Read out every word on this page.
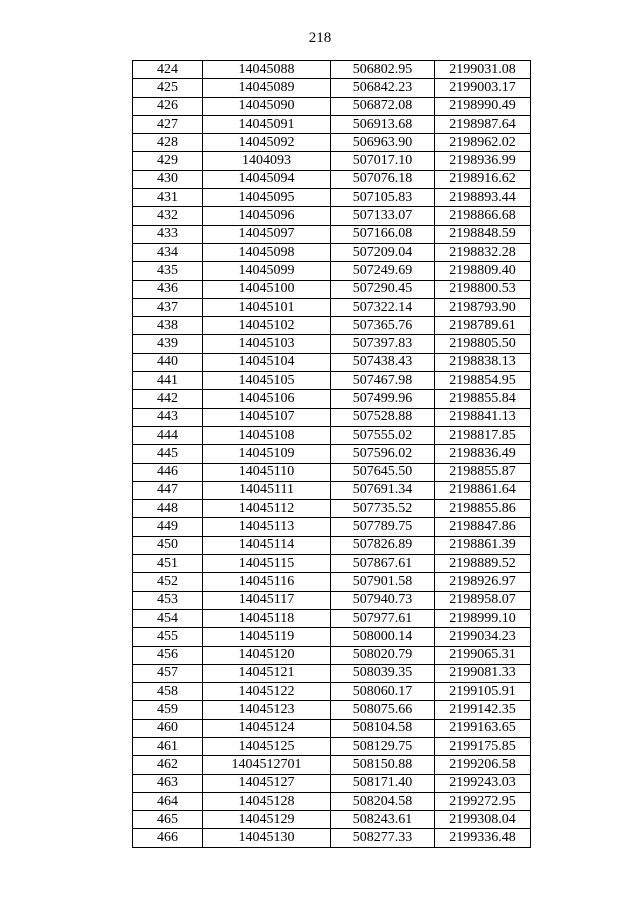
218
424	14045088	506802.95	2199031.08
425	14045089	506842.23	2199003.17
426	14045090	506872.08	2198990.49
427	14045091	506913.68	2198987.64
428	14045092	506963.90	2198962.02
429	1404093	507017.10	2198936.99
430	14045094	507076.18	2198916.62
431	14045095	507105.83	2198893.44
432	14045096	507133.07	2198866.68
433	14045097	507166.08	2198848.59
434	14045098	507209.04	2198832.28
435	14045099	507249.69	2198809.40
436	14045100	507290.45	2198800.53
437	14045101	507322.14	2198793.90
438	14045102	507365.76	2198789.61
439	14045103	507397.83	2198805.50
440	14045104	507438.43	2198838.13
441	14045105	507467.98	2198854.95
442	14045106	507499.96	2198855.84
443	14045107	507528.88	2198841.13
444	14045108	507555.02	2198817.85
445	14045109	507596.02	2198836.49
446	14045110	507645.50	2198855.87
447	14045111	507691.34	2198861.64
448	14045112	507735.52	2198855.86
449	14045113	507789.75	2198847.86
450	14045114	507826.89	2198861.39
451	14045115	507867.61	2198889.52
452	14045116	507901.58	2198926.97
453	14045117	507940.73	2198958.07
454	14045118	507977.61	2198999.10
455	14045119	508000.14	2199034.23
456	14045120	508020.79	2199065.31
457	14045121	508039.35	2199081.33
458	14045122	508060.17	2199105.91
459	14045123	508075.66	2199142.35
460	14045124	508104.58	2199163.65
461	14045125	508129.75	2199175.85
462	1404512701	508150.88	2199206.58
463	14045127	508171.40	2199243.03
464	14045128	508204.58	2199272.95
465	14045129	508243.61	2199308.04
466	14045130	508277.33	2199336.48
